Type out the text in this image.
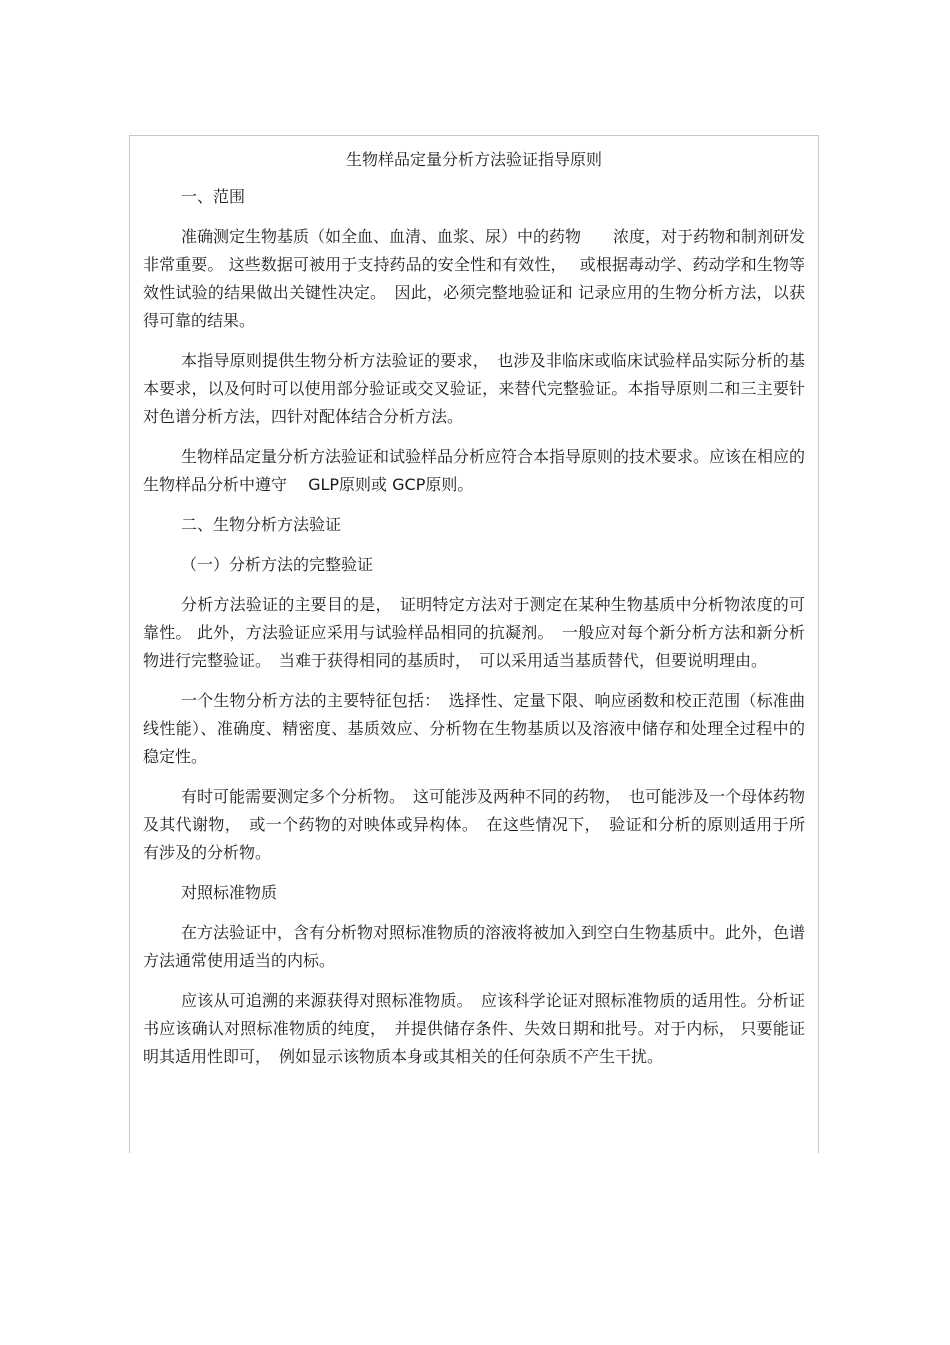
生物样品定量分析方法验证指导原则

一、范围

准确测定生物基质（如全血、血清、血浆、尿）中的药物　　浓度，对于药物和制剂研发非常重要。 这些数据可被用于支持药品的安全性和有效性，　 或根据毒动学、药动学和生物等效性试验的结果做出关键性决定。　因此，必须完整地验证和 记录应用的生物分析方法，以获得可靠的结果。

本指导原则提供生物分析方法验证的要求，　也涉及非临床或临床试验样品实际分析的基本要求，以及何时可以使用部分验证或交叉验证，来替代完整验证。本指导原则二和三主要针对色谱分析方法，四针对配体结合分析方法。

生物样品定量分析方法验证和试验样品分析应符合本指导原则的技术要求。应该在相应的生物样品分析中遵守　 GLP原则或 GCP原则。

二、生物分析方法验证

（一）分析方法的完整验证

分析方法验证的主要目的是，　证明特定方法对于测定在某种生物基质中分析物浓度的可靠性。 此外，方法验证应采用与试验样品相同的抗凝剂。　一般应对每个新分析方法和新分析物进行完整验证。　当难于获得相同的基质时，　可以采用适当基质替代，但要说明理由。

一个生物分析方法的主要特征包括：　选择性、定量下限、响应函数和校正范围（标准曲线性能）、准确度、精密度、基质效应、分析物在生物基质以及溶液中储存和处理全过程中的稳定性。

有时可能需要测定多个分析物。　这可能涉及两种不同的药物，　也可能涉及一个母体药物及其代谢物，　或一个药物的对映体或异构体。　在这些情况下，　验证和分析的原则适用于所有涉及的分析物。

对照标准物质

在方法验证中，含有分析物对照标准物质的溶液将被加入到空白生物基质中。此外，色谱方法通常使用适当的内标。

应该从可追溯的来源获得对照标准物质。　应该科学论证对照标准物质的适用性。分析证书应该确认对照标准物质的纯度，　并提供储存条件、失效日期和批号。对于内标， 只要能证明其适用性即可，　例如显示该物质本身或其相关的任何杂质不产生干扰。
